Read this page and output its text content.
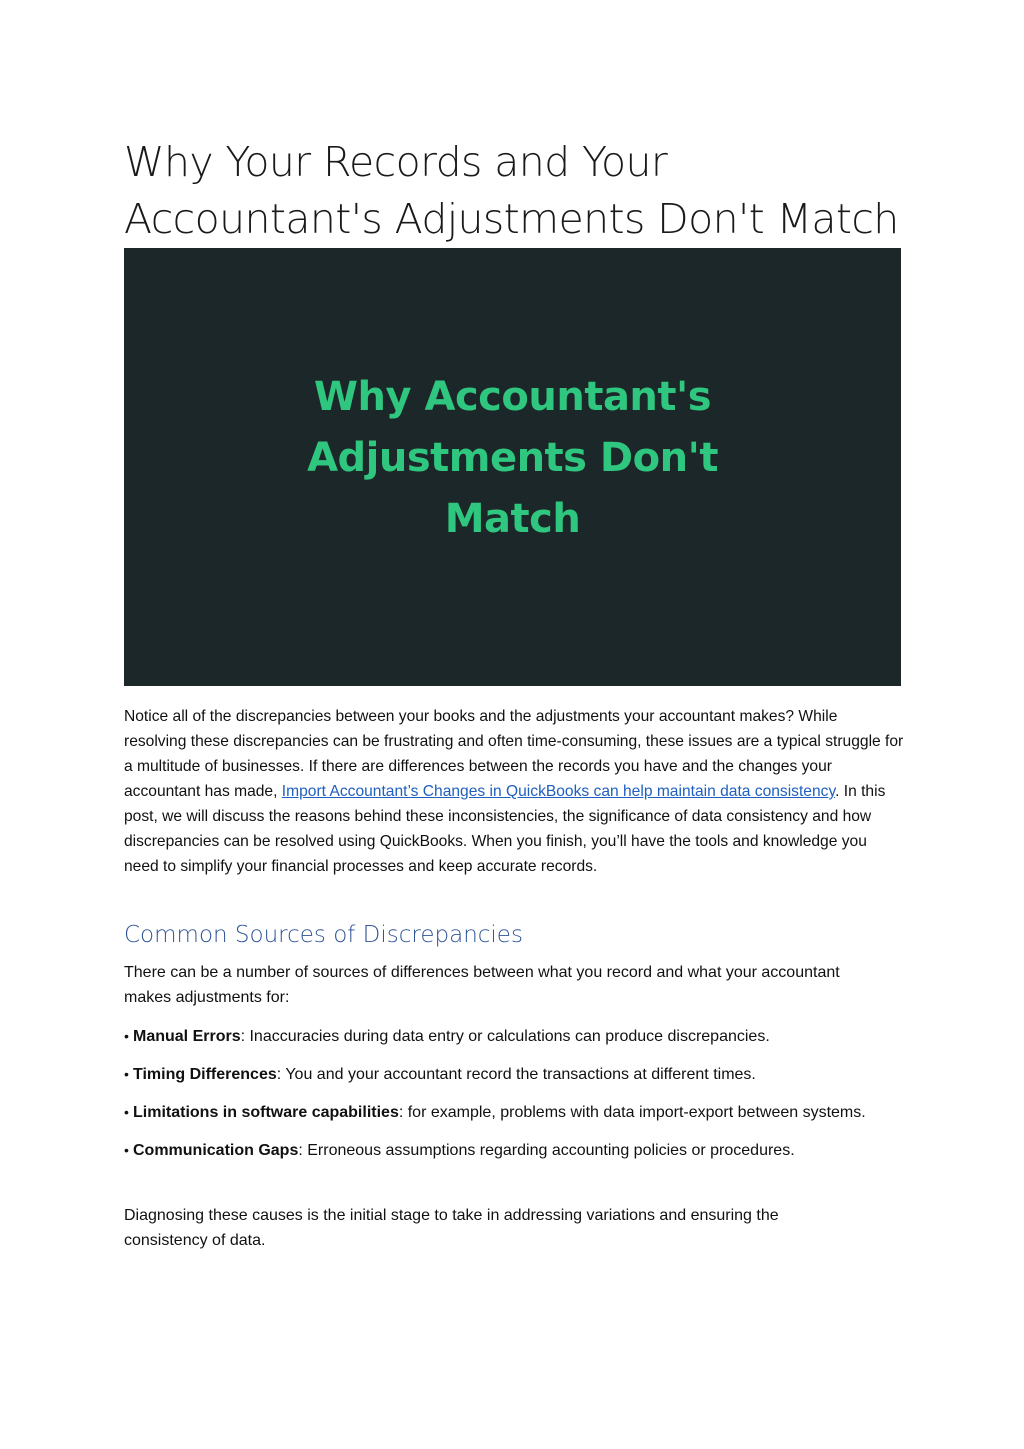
Why Your Records and Your Accountant's Adjustments Don't Match
Why Accountant's Adjustments Don't Match

Notice all of the discrepancies between your books and the adjustments your accountant makes? While resolving these discrepancies can be frustrating and often time-consuming, these issues are a typical struggle for a multitude of businesses. If there are differences between the records you have and the changes your accountant has made, Import Accountant’s Changes in QuickBooks can help maintain data consistency. In this post, we will discuss the reasons behind these inconsistencies, the significance of data consistency and how discrepancies can be resolved using QuickBooks. When you finish, you’ll have the tools and knowledge you need to simplify your financial processes and keep accurate records.

Common Sources of Discrepancies

There can be a number of sources of differences between what you record and what your accountant makes adjustments for:

• Manual Errors: Inaccuracies during data entry or calculations can produce discrepancies.
• Timing Differences: You and your accountant record the transactions at different times.
• Limitations in software capabilities: for example, problems with data import-export between systems.
• Communication Gaps: Erroneous assumptions regarding accounting policies or procedures.

Diagnosing these causes is the initial stage to take in addressing variations and ensuring the consistency of data.
